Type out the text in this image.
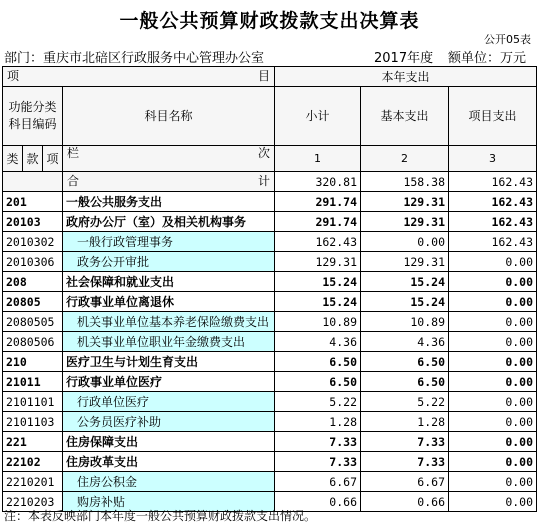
一般公共预算财政拨款支出决算表
公开05表
部门：重庆市北碚区行政服务中心管理办公室	2017年度 额单位：万元
项 目				本年支出		
功能分类科目编码			科目名称	小计	基本支出	项目支出
类	款	项	栏 次	1	2	3

			合 计	320.81	158.38	162.43
201			一般公共服务支出	291.74	129.31	162.43
20103			政府办公厅（室）及相关机构事务	291.74	129.31	162.43
2010302			一般行政管理事务	162.43	0.00	162.43
2010306			政务公开审批	129.31	129.31	0.00
208			社会保障和就业支出	15.24	15.24	0.00
20805			行政事业单位离退休	15.24	15.24	0.00
2080505			机关事业单位基本养老保险缴费支出	10.89	10.89	0.00
2080506			机关事业单位职业年金缴费支出	4.36	4.36	0.00
210			医疗卫生与计划生育支出	6.50	6.50	0.00
21011			行政事业单位医疗	6.50	6.50	0.00
2101101			行政单位医疗	5.22	5.22	0.00
2101103			公务员医疗补助	1.28	1.28	0.00
221			住房保障支出	7.33	7.33	0.00
22102			住房改革支出	7.33	7.33	0.00
2210201			住房公积金	6.67	6.67	0.00
2210203			购房补贴	0.66	0.66	0.00
注：本表反映部门本年度一般公共预算财政拨款支出情况。
